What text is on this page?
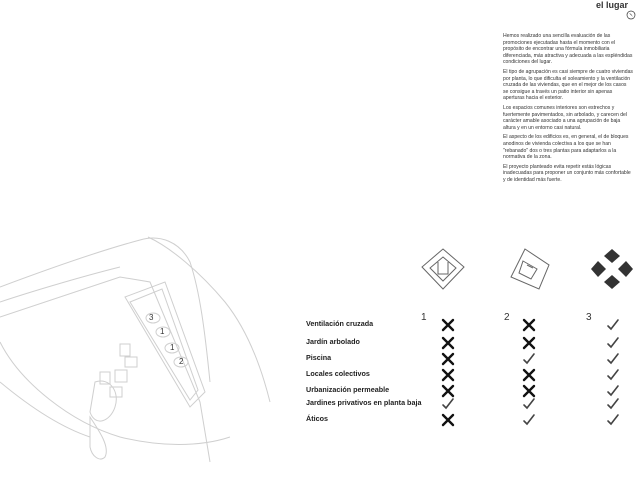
el lugar

Hemos realizado una sencilla evaluación de las promociones ejecutadas hasta el momento con el propósito de encontrar una fórmula inmobiliaria diferenciada, más atractiva y adecuada a las espléndidas condiciones del lugar.

El tipo de agrupación es casi siempre de cuatro viviendas por planta, lo que dificulta el soleamiento y la ventilación cruzada de las viviendas, que en el mejor de los casos se consigue a través un patio interior sin apenas aperturas hacia el exterior.

Los espacios comunes interiores son estrechos y fuertemente pavimentados, sin arbolado, y carecen del carácter amable asociado a una agrupación de baja altura y en un entorno casi natural.

El aspecto de los edificios es, en general, el de bloques anodinos de vivienda colectiva a los que se han "rebanado" dos o tres plantas para adaptarlos a la normativa de la zona.

El proyecto planteado evita repetir estás lógicas inadecuadas para proponer un conjunto más confortable y de identidad más fuerte.

3
1
1
2
1	2	3
Ventilación cruzada
Jardín arbolado
Piscina
Locales colectivos
Urbanización permeable
Jardines privativos en planta baja
Áticos
